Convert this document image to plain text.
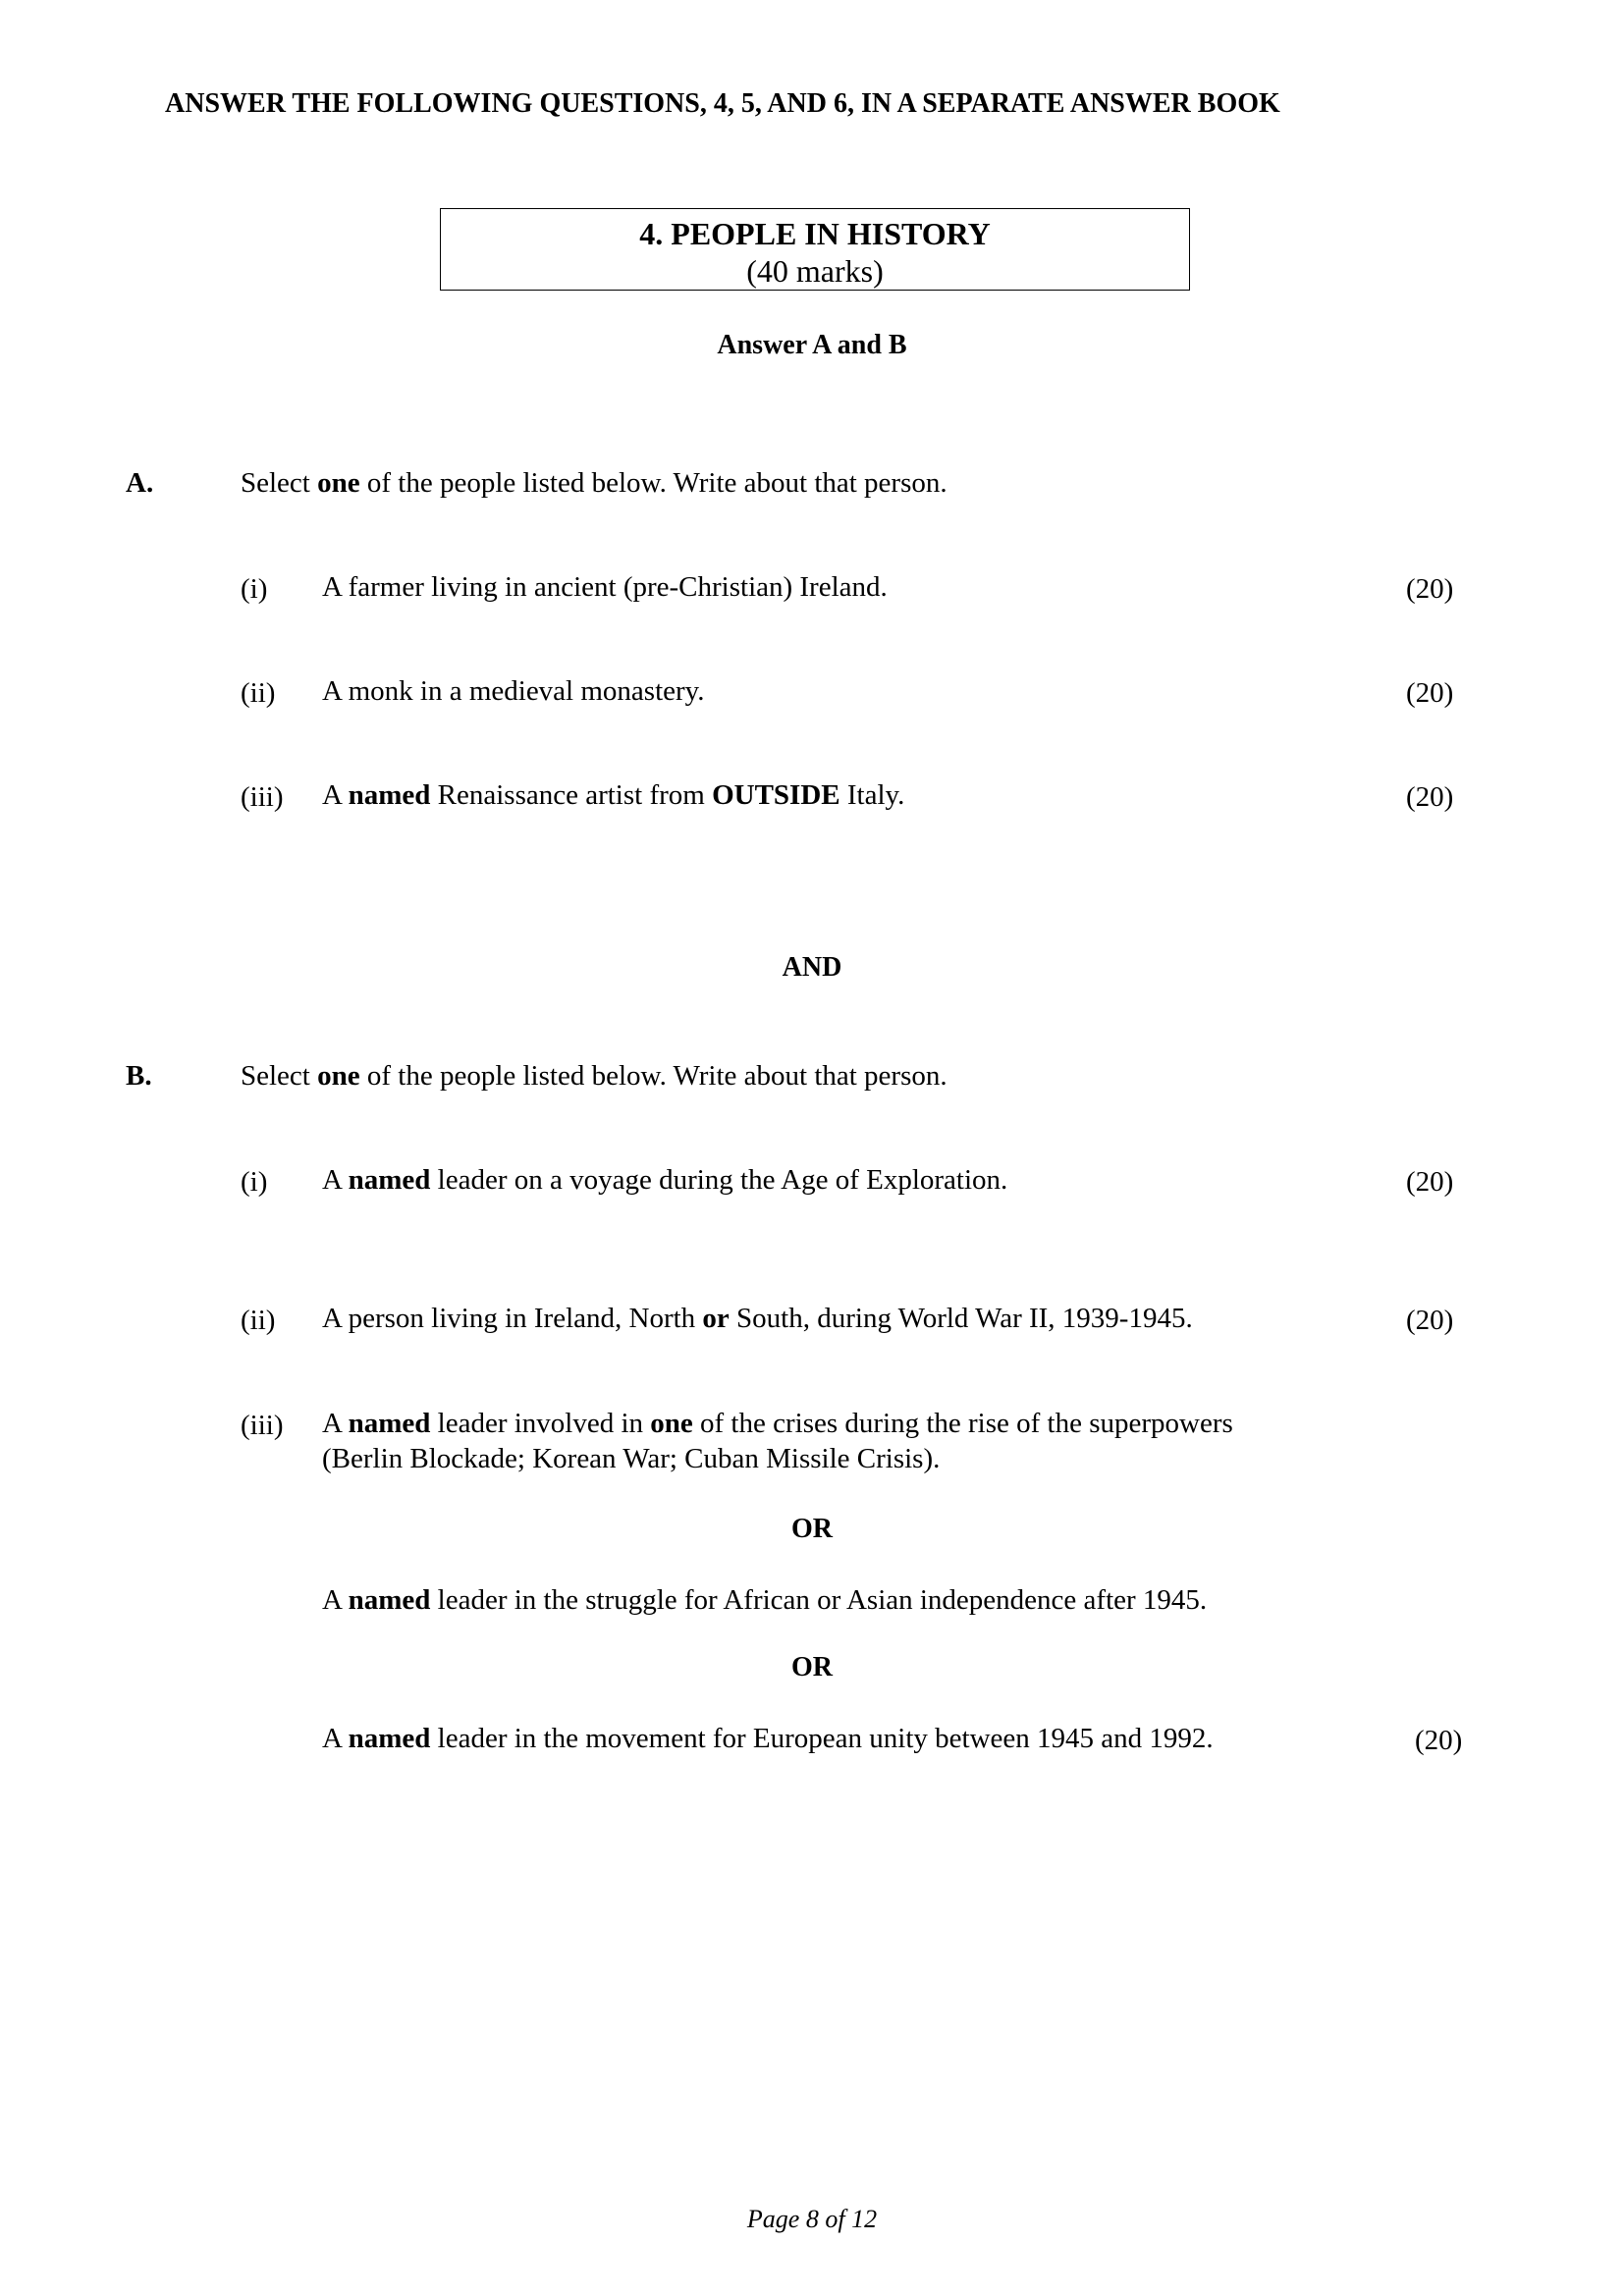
ANSWER THE FOLLOWING QUESTIONS, 4, 5, AND 6, IN A SEPARATE ANSWER BOOK
4. PEOPLE IN HISTORY
(40 marks)
Answer A and B
A.	Select one of the people listed below. Write about that person.
(i) A farmer living in ancient (pre-Christian) Ireland.	(20)
(ii) A monk in a medieval monastery.	(20)
(iii) A named Renaissance artist from OUTSIDE Italy.	(20)
AND
B.	Select one of the people listed below. Write about that person.
(i) A named leader on a voyage during the Age of Exploration.	(20)
(ii) A person living in Ireland, North or South, during World War II, 1939-1945.	(20)
(iii) A named leader involved in one of the crises during the rise of the superpowers
(Berlin Blockade; Korean War; Cuban Missile Crisis).
OR
A named leader in the struggle for African or Asian independence after 1945.
OR
A named leader in the movement for European unity between 1945 and 1992.	(20)
Page 8 of 12
